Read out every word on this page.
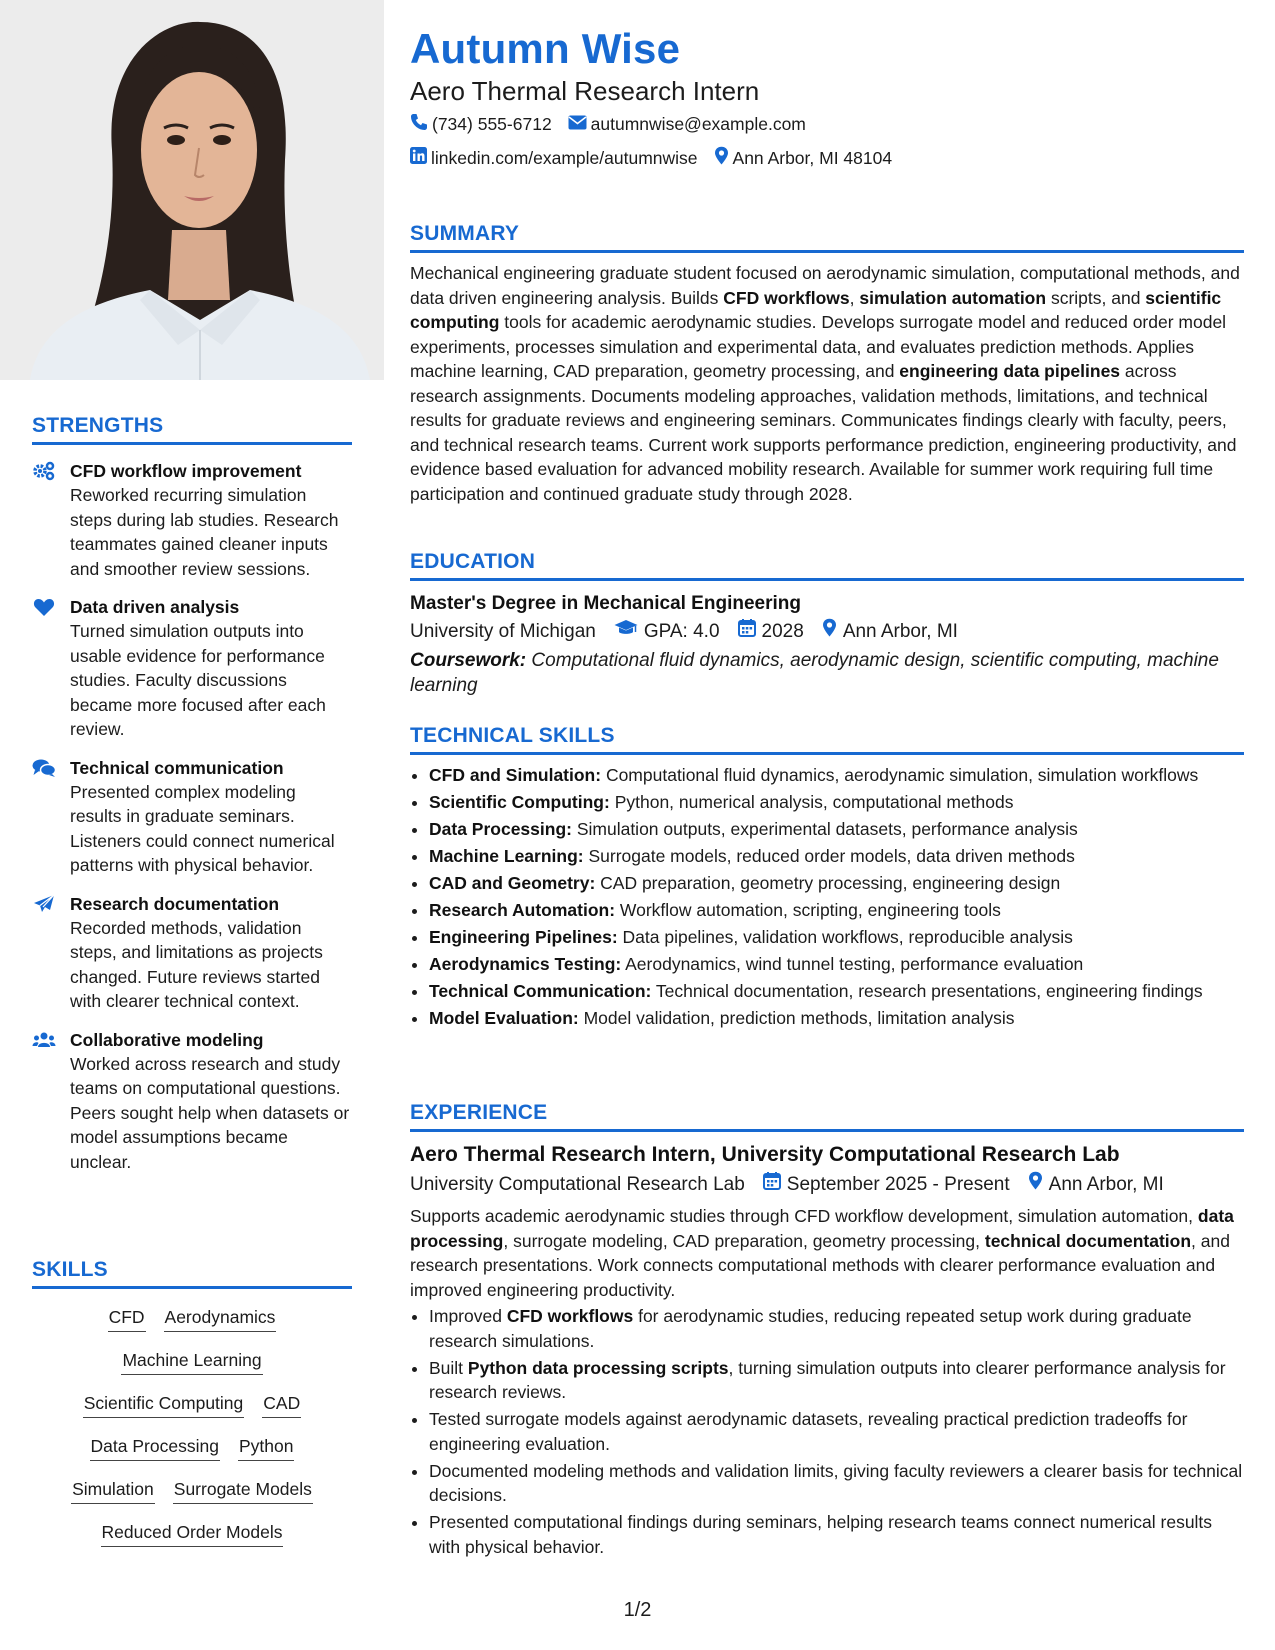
STRENGTHS
CFD workflow improvement
Reworked recurring simulation steps during lab studies. Research teammates gained cleaner inputs and smoother review sessions.
Data driven analysis
Turned simulation outputs into usable evidence for performance studies. Faculty discussions became more focused after each review.
Technical communication
Presented complex modeling results in graduate seminars. Listeners could connect numerical patterns with physical behavior.
Research documentation
Recorded methods, validation steps, and limitations as projects changed. Future reviews started with clearer technical context.
Collaborative modeling
Worked across research and study teams on computational questions. Peers sought help when datasets or model assumptions became unclear.
SKILLS
CFD Aerodynamics
Machine Learning
Scientific Computing CAD
Data Processing Python
Simulation Surrogate Models
Reduced Order Models
Autumn Wise
Aero Thermal Research Intern
(734) 555-6712 autumnwise@example.com
linkedin.com/example/autumnwise Ann Arbor, MI 48104
SUMMARY
Mechanical engineering graduate student focused on aerodynamic simulation, computational methods, and data driven engineering analysis. Builds CFD workflows, simulation automation scripts, and scientific computing tools for academic aerodynamic studies. Develops surrogate model and reduced order model experiments, processes simulation and experimental data, and evaluates prediction methods. Applies machine learning, CAD preparation, geometry processing, and engineering data pipelines across research assignments. Documents modeling approaches, validation methods, limitations, and technical results for graduate reviews and engineering seminars. Communicates findings clearly with faculty, peers, and technical research teams. Current work supports performance prediction, engineering productivity, and evidence based evaluation for advanced mobility research. Available for summer work requiring full time participation and continued graduate study through 2028.
EDUCATION
Master's Degree in Mechanical Engineering
University of Michigan	GPA: 4.0 2028 Ann Arbor, MI
Coursework: Computational fluid dynamics, aerodynamic design, scientific computing, machine learning
TECHNICAL SKILLS
• CFD and Simulation: Computational fluid dynamics, aerodynamic simulation, simulation workflows
• Scientific Computing: Python, numerical analysis, computational methods
• Data Processing: Simulation outputs, experimental datasets, performance analysis
• Machine Learning: Surrogate models, reduced order models, data driven methods
• CAD and Geometry: CAD preparation, geometry processing, engineering design
• Research Automation: Workflow automation, scripting, engineering tools
• Engineering Pipelines: Data pipelines, validation workflows, reproducible analysis
• Aerodynamics Testing: Aerodynamics, wind tunnel testing, performance evaluation
• Technical Communication: Technical documentation, research presentations, engineering findings
• Model Evaluation: Model validation, prediction methods, limitation analysis
EXPERIENCE
Aero Thermal Research Intern, University Computational Research Lab
University Computational Research Lab September 2025 - Present Ann Arbor, MI
Supports academic aerodynamic studies through CFD workflow development, simulation automation, data processing, surrogate modeling, CAD preparation, geometry processing, technical documentation, and research presentations. Work connects computational methods with clearer performance evaluation and improved engineering productivity.
• Improved CFD workflows for aerodynamic studies, reducing repeated setup work during graduate research simulations.
• Built Python data processing scripts, turning simulation outputs into clearer performance analysis for research reviews.
• Tested surrogate models against aerodynamic datasets, revealing practical prediction tradeoffs for engineering evaluation.
• Documented modeling methods and validation limits, giving faculty reviewers a clearer basis for technical decisions.
• Presented computational findings during seminars, helping research teams connect numerical results with physical behavior.
1/2
